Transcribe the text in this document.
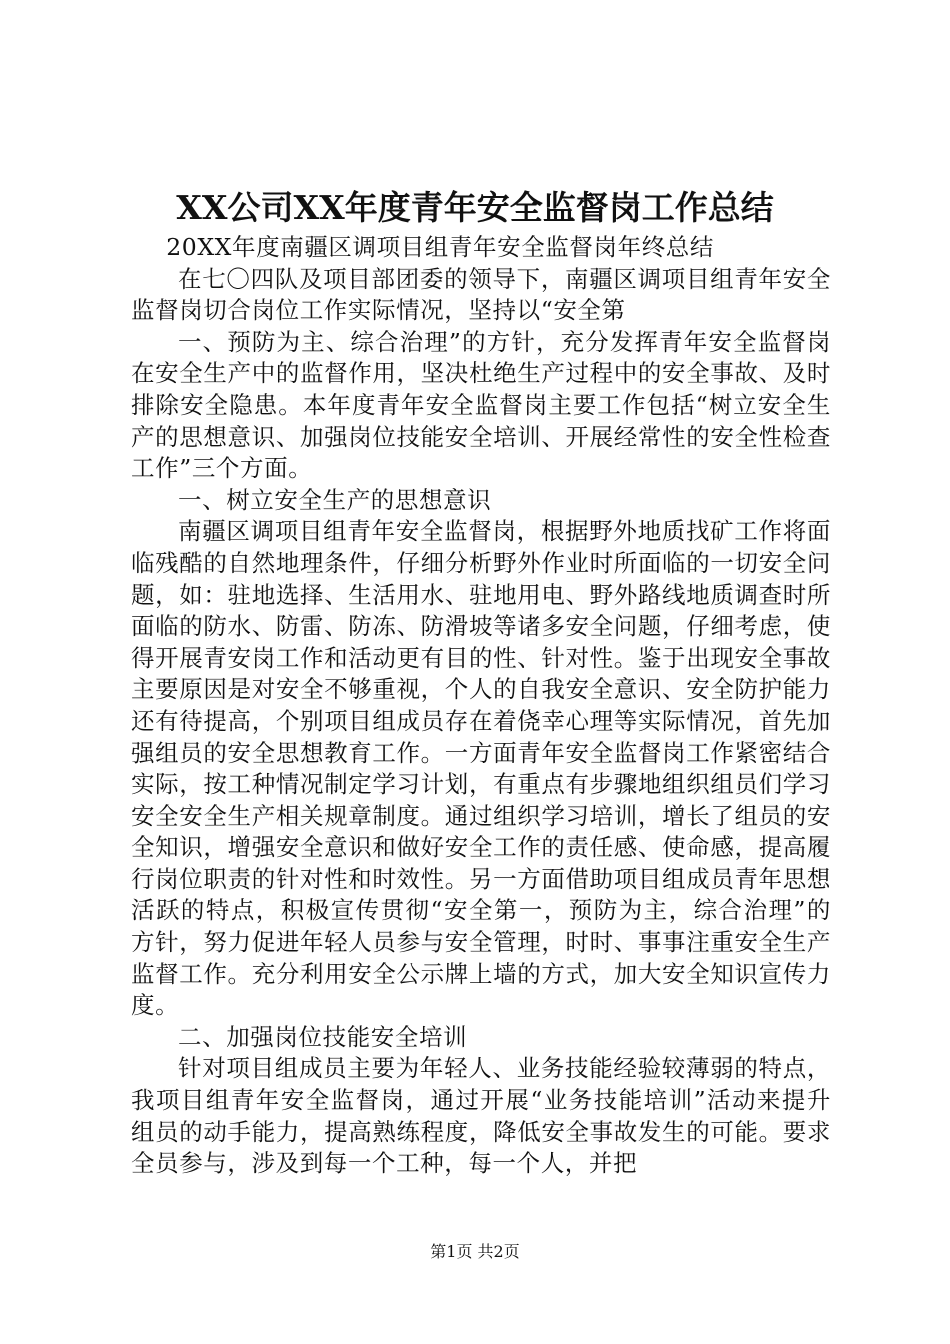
XX公司XX年度青年安全监督岗工作总结

20XX年度南疆区调项目组青年安全监督岗年终总结

在七〇四队及项目部团委的领导下，南疆区调项目组青年安全监督岗切合岗位工作实际情况，坚持以“安全第

一、预防为主、综合治理”的方针，充分发挥青年安全监督岗在安全生产中的监督作用，坚决杜绝生产过程中的安全事故、及时排除安全隐患。本年度青年安全监督岗主要工作包括“树立安全生产的思想意识、加强岗位技能安全培训、开展经常性的安全性检查工作”三个方面。

一、树立安全生产的思想意识

南疆区调项目组青年安全监督岗，根据野外地质找矿工作将面临残酷的自然地理条件，仔细分析野外作业时所面临的一切安全问题，如：驻地选择、生活用水、驻地用电、野外路线地质调查时所面临的防水、防雷、防冻、防滑坡等诸多安全问题，仔细考虑，使得开展青安岗工作和活动更有目的性、针对性。鉴于出现安全事故主要原因是对安全不够重视，个人的自我安全意识、安全防护能力还有待提高，个别项目组成员存在着侥幸心理等实际情况，首先加强组员的安全思想教育工作。一方面青年安全监督岗工作紧密结合实际，按工种情况制定学习计划，有重点有步骤地组织组员们学习安全安全生产相关规章制度。通过组织学习培训，增长了组员的安全知识，增强安全意识和做好安全工作的责任感、使命感，提高履行岗位职责的针对性和时效性。另一方面借助项目组成员青年思想活跃的特点，积极宣传贯彻“安全第一，预防为主，综合治理”的方针，努力促进年轻人员参与安全管理，时时、事事注重安全生产监督工作。充分利用安全公示牌上墙的方式，加大安全知识宣传力度。

二、加强岗位技能安全培训

针对项目组成员主要为年轻人、业务技能经验较薄弱的特点，我项目组青年安全监督岗，通过开展“业务技能培训”活动来提升组员的动手能力，提高熟练程度，降低安全事故发生的可能。要求全员参与，涉及到每一个工种，每一个人，并把

第1页 共2页
